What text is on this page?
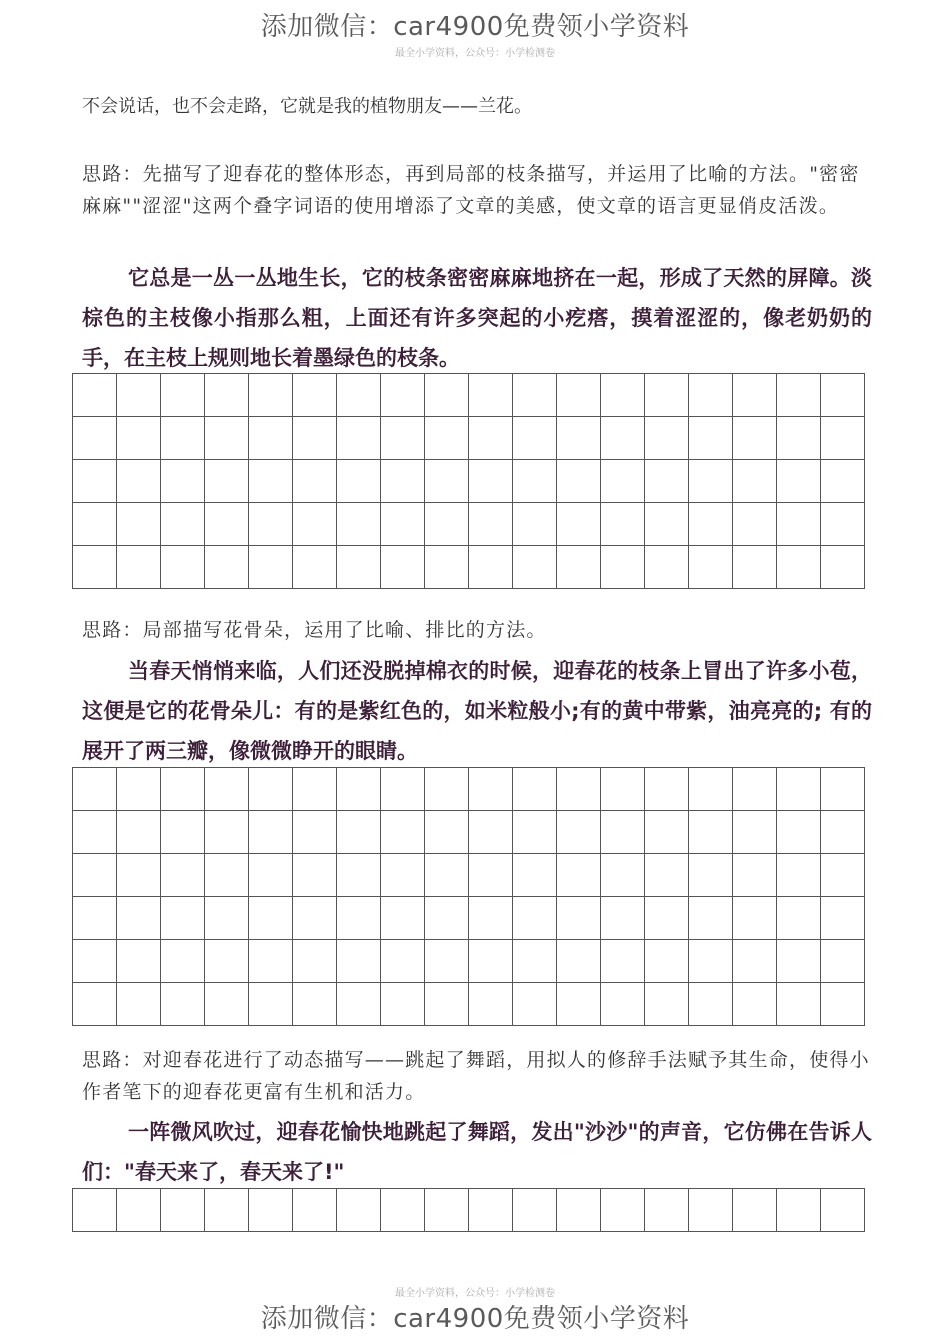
添加微信：car4900免费领小学资料
最全小学资料，公众号：小学检测卷
不会说话，也不会走路，它就是我的植物朋友——兰花。
思路：先描写了迎春花的整体形态，再到局部的枝条描写，并运用了比喻的方法。"密密麻麻""涩涩"这两个叠字词语的使用增添了文章的美感，使文章的语言更显俏皮活泼。
它总是一丛一丛地生长，它的枝条密密麻麻地挤在一起，形成了天然的屏障。淡棕色的主枝像小指那么粗，上面还有许多突起的小疙瘩，摸着涩涩的，像老奶奶的手，在主枝上规则地长着墨绿色的枝条。

思路：局部描写花骨朵，运用了比喻、排比的方法。
当春天悄悄来临，人们还没脱掉棉衣的时候，迎春花的枝条上冒出了许多小苞，这便是它的花骨朵儿：有的是紫红色的，如米粒般小;有的黄中带紫，油亮亮的; 有的展开了两三瓣，像微微睁开的眼睛。

思路：对迎春花进行了动态描写——跳起了舞蹈，用拟人的修辞手法赋予其生命，使得小作者笔下的迎春花更富有生机和活力。
一阵微风吹过，迎春花愉快地跳起了舞蹈，发出"沙沙"的声音，它仿佛在告诉人们："春天来了，春天来了!"

最全小学资料，公众号：小学检测卷
添加微信：car4900免费领小学资料
